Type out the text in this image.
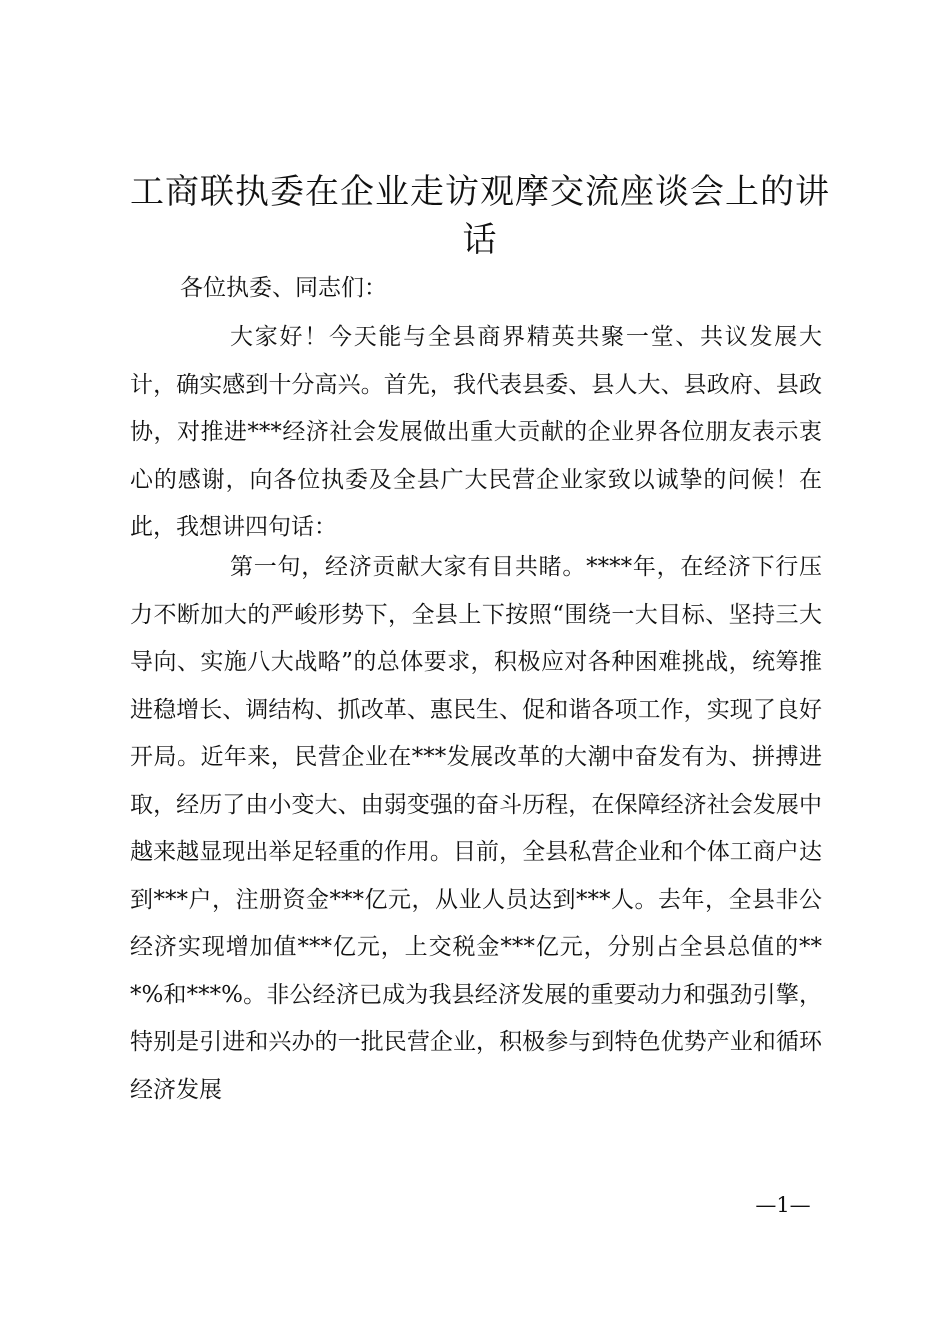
工商联执委在企业走访观摩交流座谈会上的讲话

各位执委、同志们：

大家好！今天能与全县商界精英共聚一堂、共议发展大计，确实感到十分高兴。首先，我代表县委、县人大、县政府、县政协，对推进***经济社会发展做出重大贡献的企业界各位朋友表示衷心的感谢，向各位执委及全县广大民营企业家致以诚挚的问候！在此，我想讲四句话：

第一句，经济贡献大家有目共睹。****年，在经济下行压力不断加大的严峻形势下，全县上下按照“围绕一大目标、坚持三大导向、实施八大战略”的总体要求，积极应对各种困难挑战，统筹推进稳增长、调结构、抓改革、惠民生、促和谐各项工作，实现了良好开局。近年来，民营企业在***发展改革的大潮中奋发有为、拼搏进取，经历了由小变大、由弱变强的奋斗历程，在保障经济社会发展中越来越显现出举足轻重的作用。目前，全县私营企业和个体工商户达到***户，注册资金***亿元，从业人员达到***人。去年，全县非公经济实现增加值***亿元，上交税金***亿元，分别占全县总值的***%和***%。非公经济已成为我县经济发展的重要动力和强劲引擎，特别是引进和兴办的一批民营企业，积极参与到特色优势产业和循环经济发展

—1—
